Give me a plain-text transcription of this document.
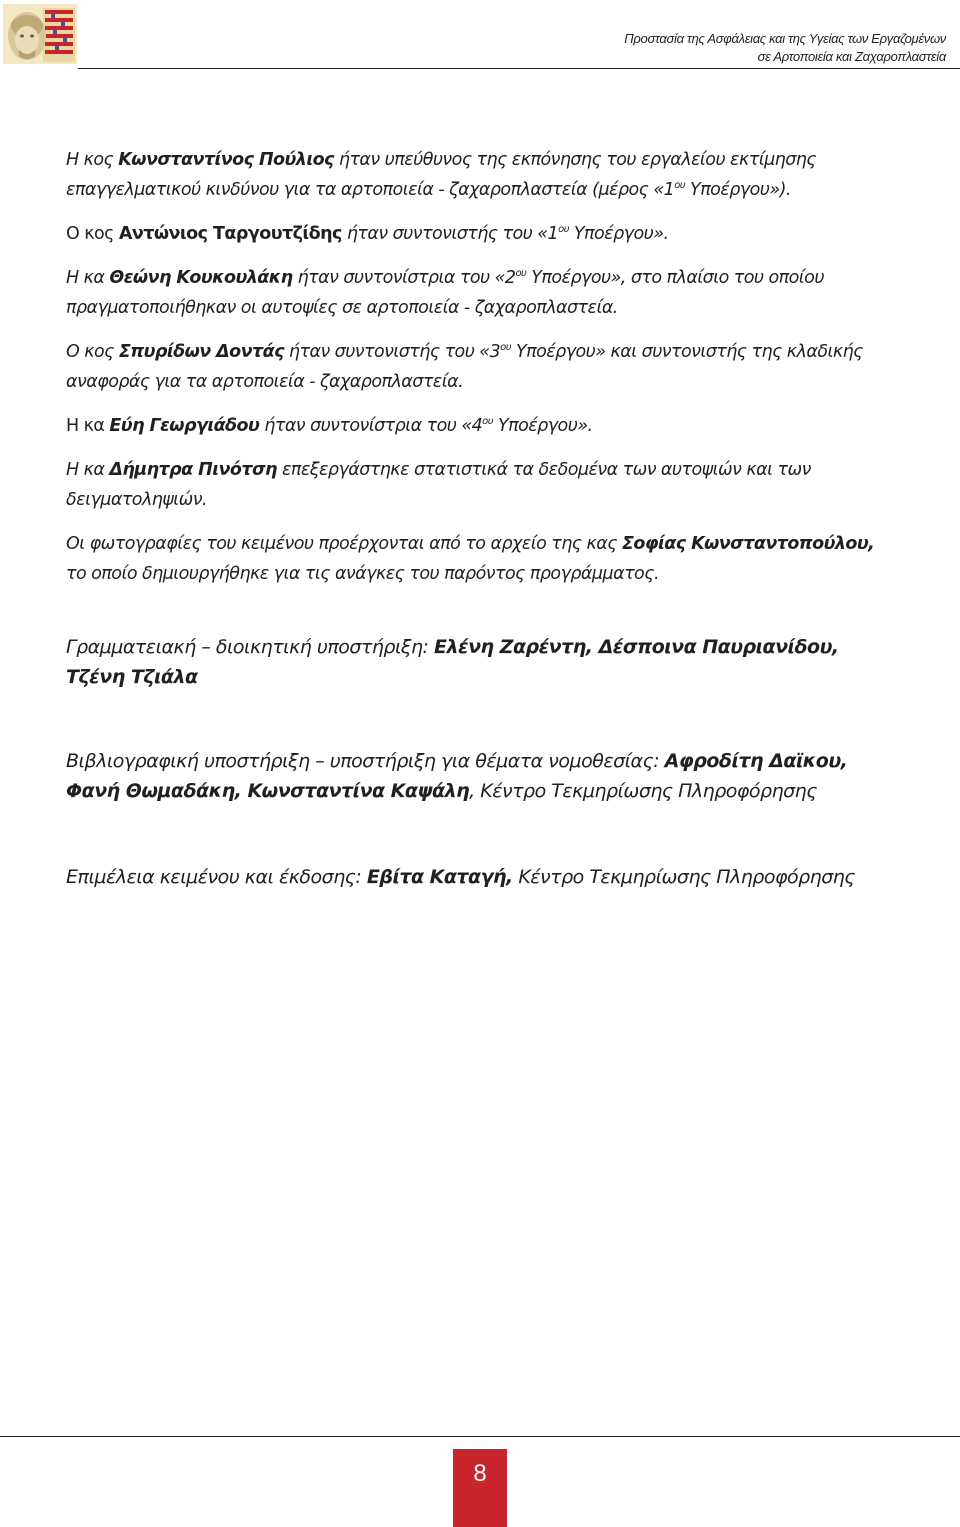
Προστασία της Ασφάλειας και της Υγείας των Εργαζομένων
σε Αρτοποιεία και Ζαχαροπλαστεία

Η κος Κωνσταντίνος Πούλιος ήταν υπεύθυνος της εκπόνησης του εργαλείου εκτίμησης επαγγελματικού κινδύνου για τα αρτοποιεία - ζαχαροπλαστεία (μέρος «$1^{o\upsilon}$ Υποέργου»).

Ο κος Αντώνιος Ταργουτζίδης ήταν συντονιστής του «$1^{o\upsilon}$ Υποέργου».

Η κα Θεώνη Κουκουλάκη ήταν συντονίστρια του «$2^{o\upsilon}$ Υποέργου», στο πλαίσιο του οποίου πραγματοποιήθηκαν οι αυτοψίες σε αρτοποιεία - ζαχαροπλαστεία.

Ο κος Σπυρίδων Δοντάς ήταν συντονιστής του «$3^{o\upsilon}$ Υποέργου» και συντονιστής της κλαδικής αναφοράς για τα αρτοποιεία - ζαχαροπλαστεία.

Η κα Εύη Γεωργιάδου ήταν συντονίστρια του «$4^{o\upsilon}$ Υποέργου».

Η κα Δήμητρα Πινότση επεξεργάστηκε στατιστικά τα δεδομένα των αυτοψιών και των δειγματοληψιών.

Οι φωτογραφίες του κειμένου προέρχονται από το αρχείο της κας Σοφίας Κωνσταντοπούλου, το οποίο δημιουργήθηκε για τις ανάγκες του παρόντος προγράμματος.

Γραμματειακή – διοικητική υποστήριξη: Ελένη Ζαρέντη, Δέσποινα Παυριανίδου, Τζένη Τζιάλα
Βιβλιογραφική υποστήριξη – υποστήριξη για θέματα νομοθεσίας: Αφροδίτη Δαϊκου, Φανή Θωμαδάκη, Κωνσταντίνα Καψάλη, Κέντρο Τεκμηρίωσης Πληροφόρησης
Επιμέλεια κειμένου και έκδοσης: Εβίτα Καταγή, Κέντρο Τεκμηρίωσης Πληροφόρησης
8
